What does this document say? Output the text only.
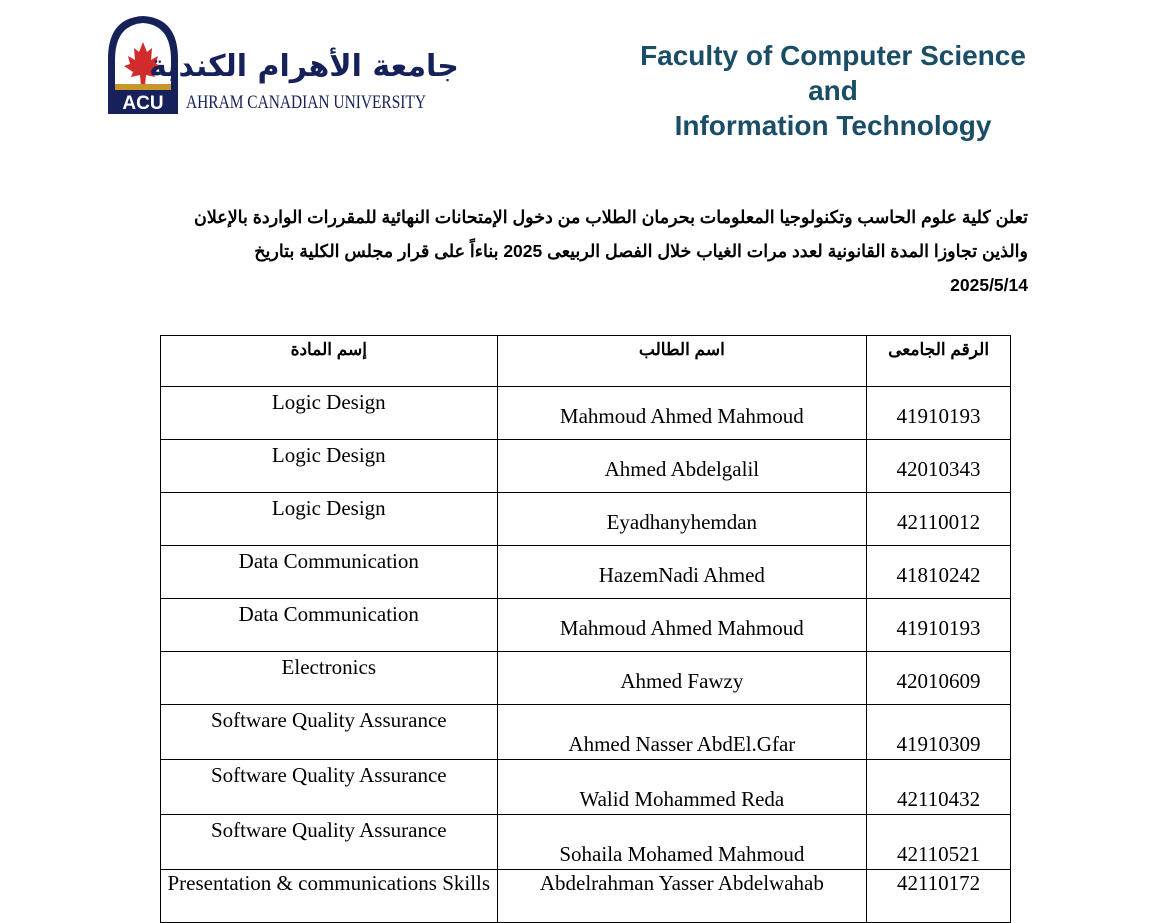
ACU
جامعة الأهرام الكندية
AHRAM CANADIAN UNIVERSITY
Faculty of Computer Science
and
Information Technology
تعلن كلية علوم الحاسب وتكنولوجيا المعلومات بحرمان الطلاب من دخول الإمتحانات النهائية للمقررات الواردة بالإعلان
والذين تجاوزا المدة القانونية لعدد مرات الغياب خلال الفصل الربيعى 2025 بناءاً على قرار مجلس الكلية بتاريخ
2025/5/14
إسم المادة	اسم الطالب	الرقم الجامعى
Logic Design	Mahmoud Ahmed Mahmoud	41910193
Logic Design	Ahmed Abdelgalil	42010343
Logic Design	Eyadhanyhemdan	42110012
Data Communication	HazemNadi Ahmed	41810242
Data Communication	Mahmoud Ahmed Mahmoud	41910193
Electronics	Ahmed Fawzy	42010609
Software Quality Assurance	Ahmed Nasser AbdEl.Gfar	41910309
Software Quality Assurance	Walid Mohammed Reda	42110432
Software Quality Assurance	Sohaila Mohamed Mahmoud	42110521
Presentation & communications Skills	Abdelrahman Yasser Abdelwahab	42110172
